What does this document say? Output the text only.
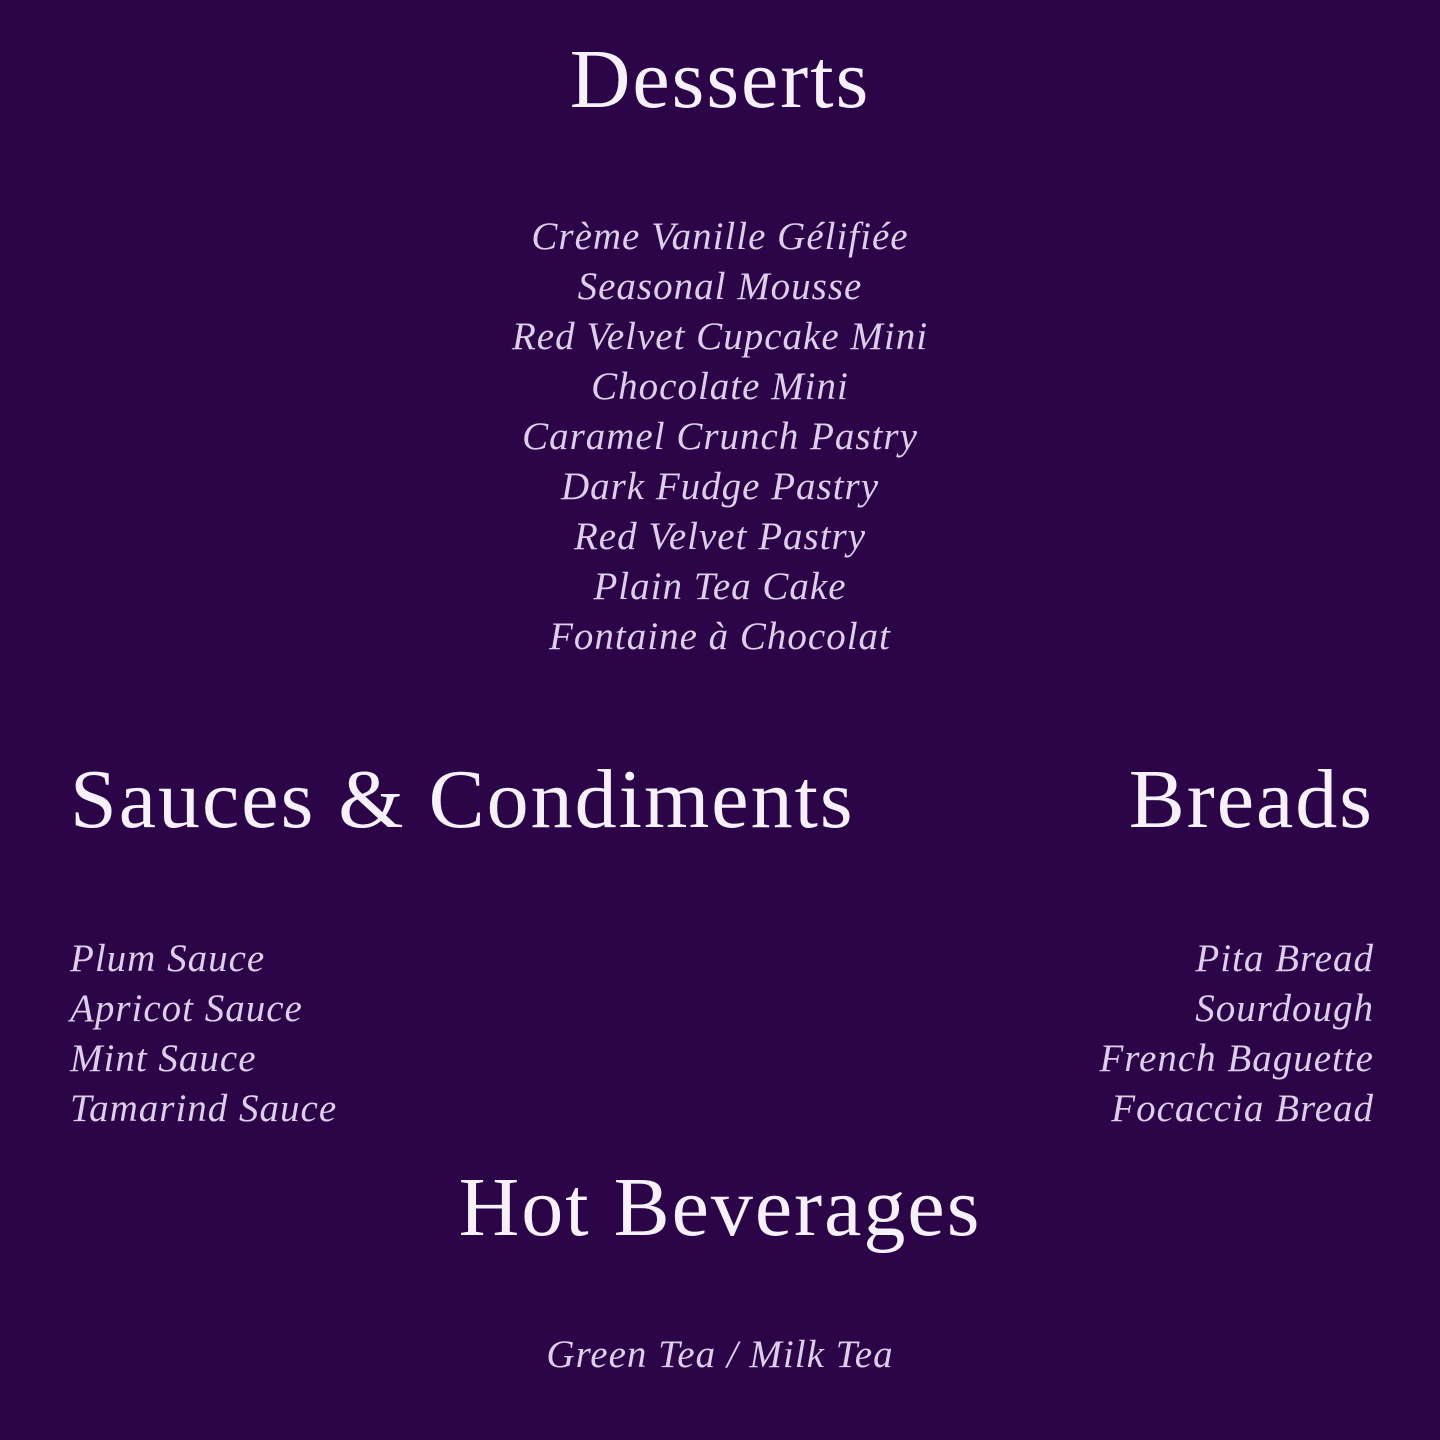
Desserts
Crème Vanille Gélifiée
Seasonal Mousse
Red Velvet Cupcake Mini
Chocolate Mini
Caramel Crunch Pastry
Dark Fudge Pastry
Red Velvet Pastry
Plain Tea Cake
Fontaine à Chocolat
Sauces & Condiments	Breads
Plum Sauce
Apricot Sauce
Mint Sauce
Tamarind Sauce
Pita Bread
Sourdough
French Baguette
Focaccia Bread
Hot Beverages
Green Tea / Milk Tea
